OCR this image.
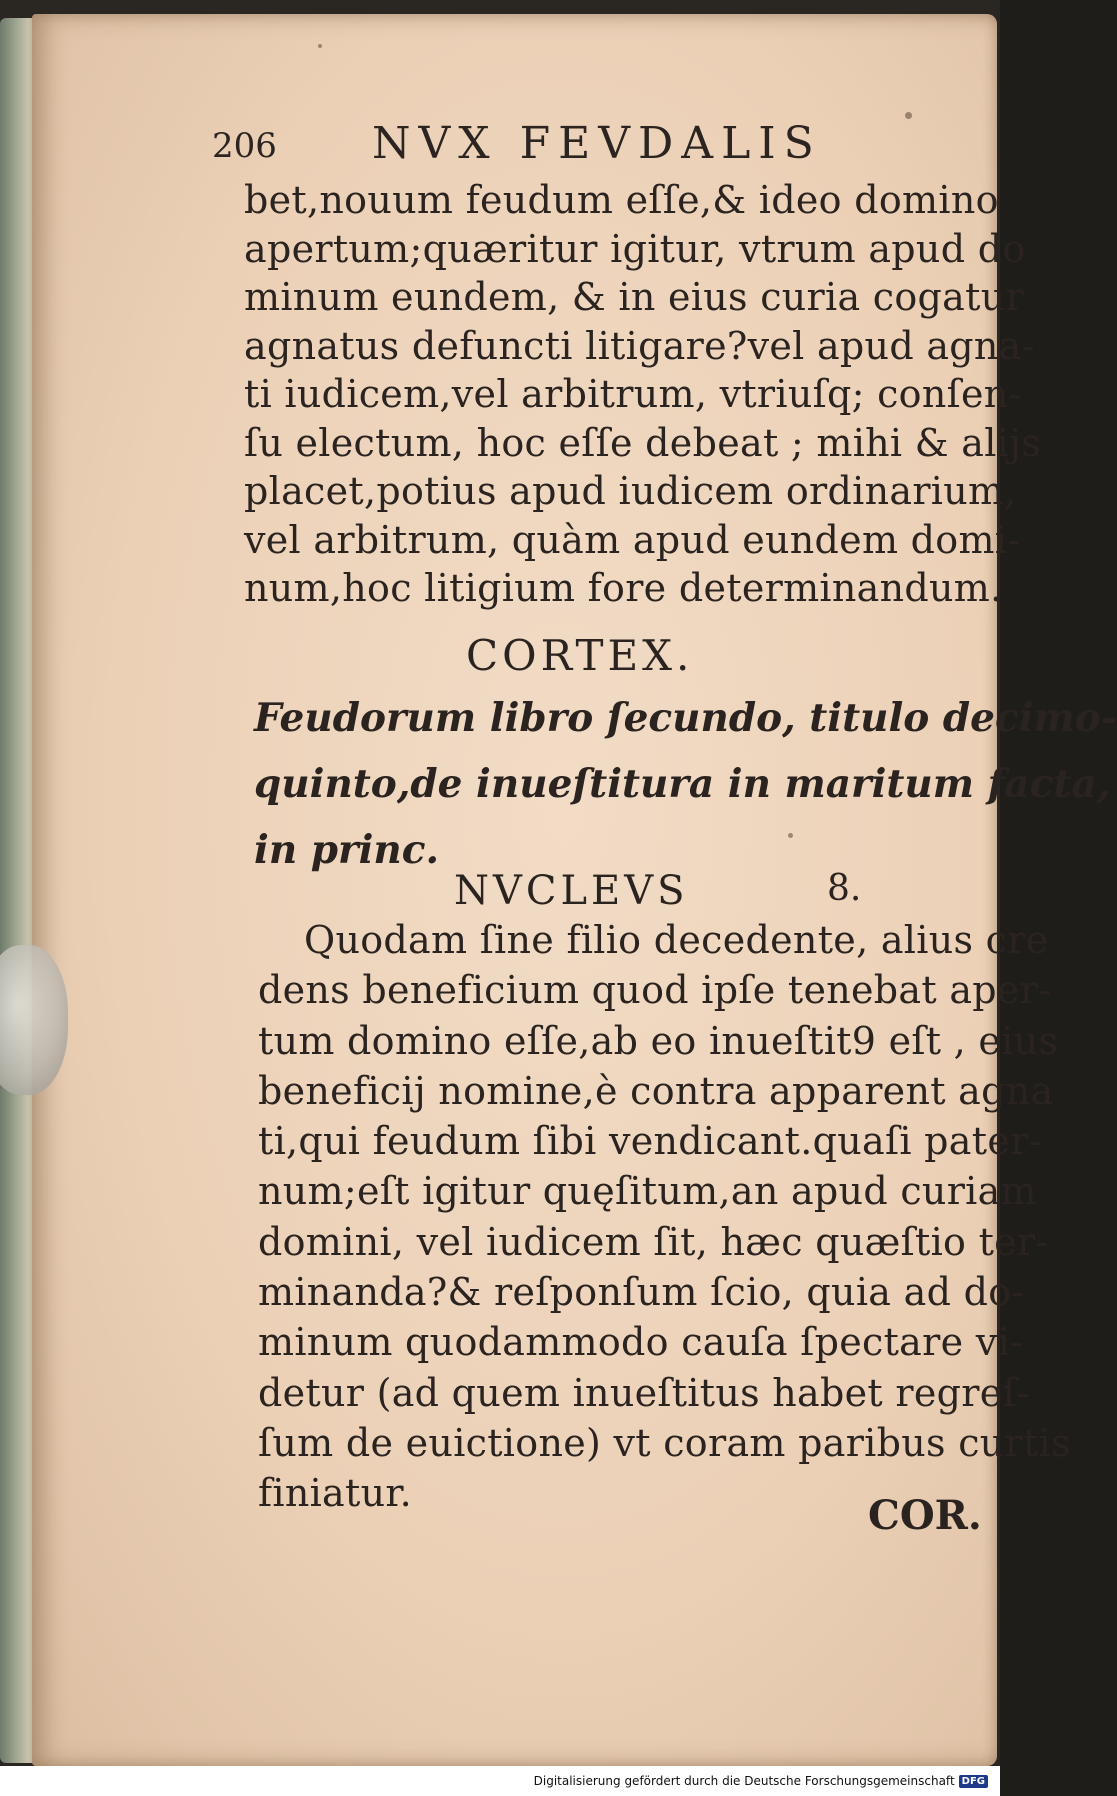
206 NVX FEVDALIS
bet,nouum feudum eſſe,& ideo domino
apertum;quæritur igitur, vtrum apud do
minum eundem, & in eius curia cogatur
agnatus defuncti litigare?vel apud agna-
ti iudicem,vel arbitrum, vtriuſq; conſen-
ſu electum, hoc eſſe debeat ; mihi & alijs
placet,potius apud iudicem ordinarium,
vel arbitrum, quàm apud eundem domi-
num,hoc litigium fore determinandum.
CORTEX.
Feudorum libro ſecundo, titulo decimo-
quinto,de inueſtitura in maritum facta,
in princ.
NVCLEVS	8.
Quodam ſine filio decedente, alius cre
dens beneficium quod ipſe tenebat aper-
tum domino eſſe,ab eo inueſtit9 eſt , eius
beneficij nomine,è contra apparent agna
ti,qui feudum ſibi vendicant.quaſi pater-
num;eſt igitur quęſitum,an apud curiam
domini, vel iudicem ſit, hæc quæſtio ter-
minanda?& reſponſum ſcio, quia ad do-
minum quodammodo cauſa ſpectare vi-
detur (ad quem inueſtitus habet regreſ-
ſum de euictione) vt coram paribus curtis
finiatur.	COR.
Digitalisierung gefördert durch die Deutsche Forschungsgemeinschaft DFG
